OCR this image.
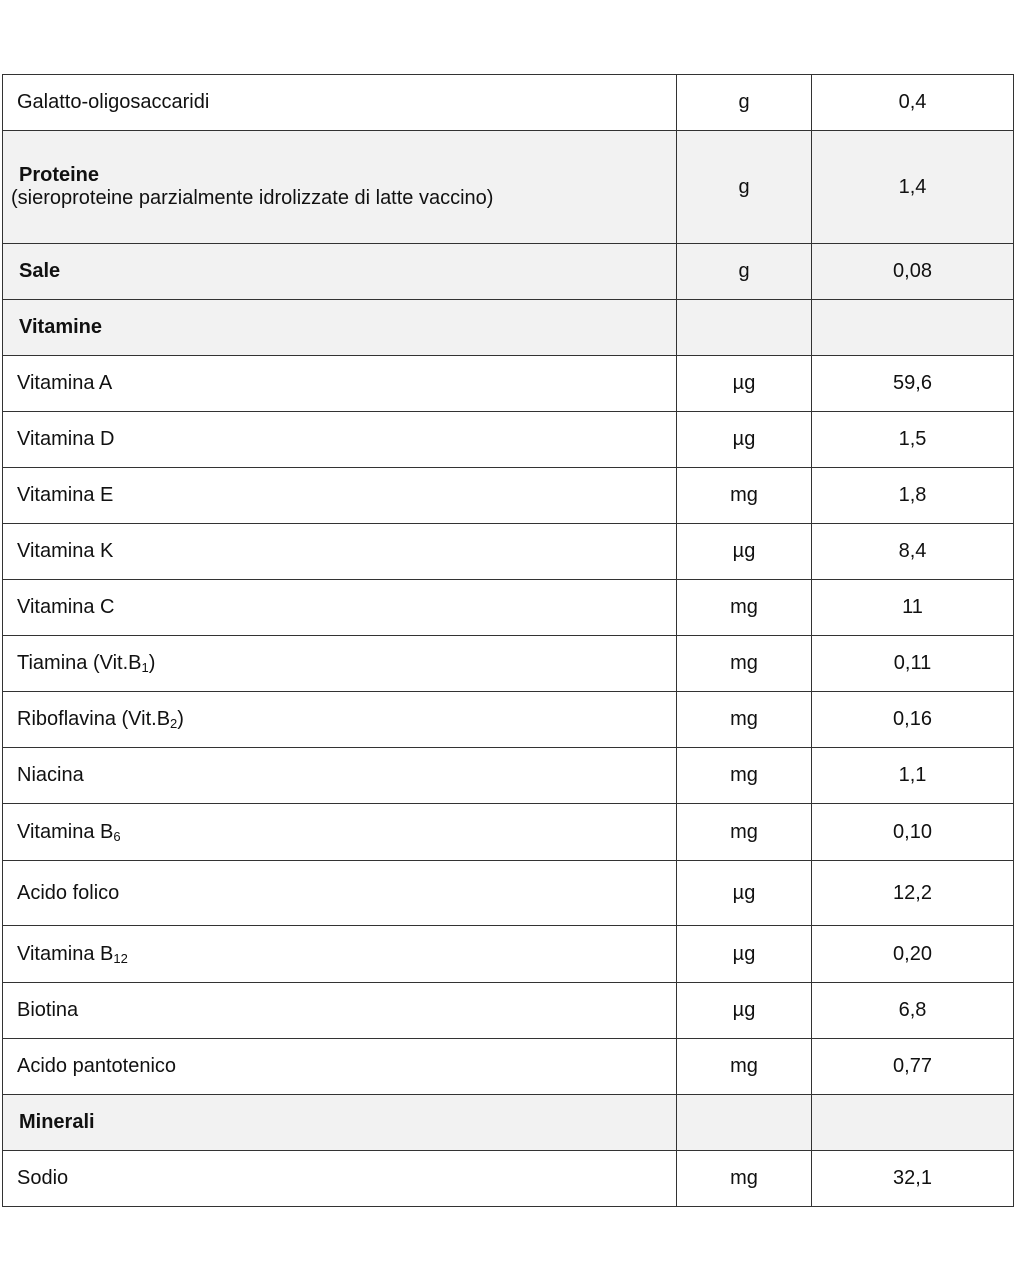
Galatto-oligosaccaridi	g	0,4

Proteine
(sieroproteine parzialmente idrolizzate di latte vaccino)	g	1,4

Sale	g	0,08

Vitamine		

Vitamina A	µg	59,6
Vitamina D	µg	1,5
Vitamina E	mg	1,8
Vitamina K	µg	8,4
Vitamina C	mg	11
Tiamina $(Vit.B_1)$	mg	0,11
Riboflavina $(Vit.B_2)$	mg	0,16
Niacina	mg	1,1
Vitamina $B_6$	mg	0,10
Acido folico	µg	12,2
Vitamina $B_{12}$	µg	0,20
Biotina	µg	6,8
Acido pantotenico	mg	0,77

Minerali		

Sodio	mg	32,1
